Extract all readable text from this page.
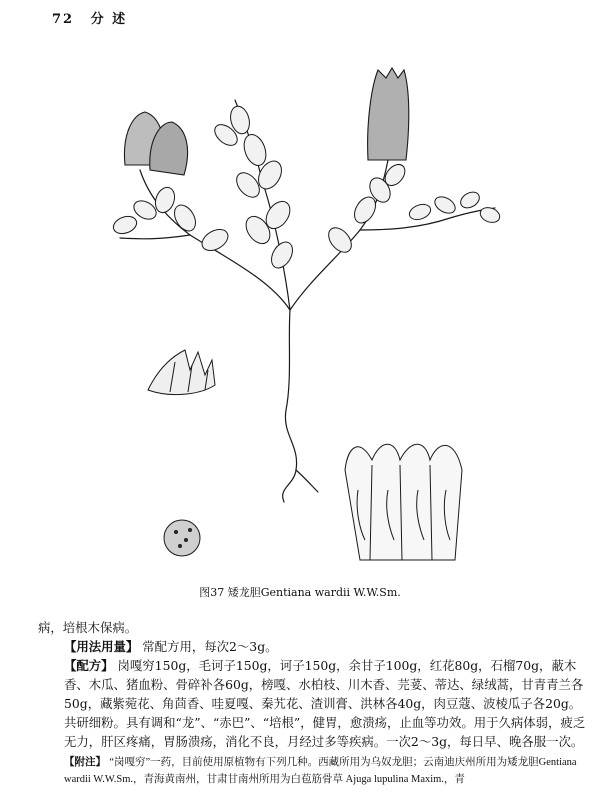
72 分 述
图37 矮龙胆Gentiana wardii W.W.Sm.

病，培根木保病。

【用法用量】 常配方用，每次2～3g。

【配方】 岗嘎穷150g，毛诃子150g，诃子150g，余甘子100g，红花80g，石榴70g，蔽木香、木瓜、猪血粉、骨碎补各60g，榜嘎、水柏枝、川木香、芫荽、蒂达、绿绒蒿，甘青青兰各50g，藏紫菀花、角茴香、哇夏嘎、秦艽花、渣训膏、洪林各40g，肉豆蔻、波棱瓜子各20g。共研细粉。具有调和“龙”、“赤巴”、“培根”，健胃，愈溃疡，止血等功效。用于久病体弱，疲乏无力，肝区疼痛，胃肠溃疡，消化不良，月经过多等疾病。一次2～3g，每日早、晚各服一次。

【附注】 “岗嘎穷”一药，目前使用原植物有下列几种。西藏所用为乌奴龙胆；云南迪庆州所用为矮龙胆Gentiana wardii W.W.Sm.，青海黄南州，甘肃甘南州所用为白苞筋骨草 Ajuga lupulina Maxim.，青
